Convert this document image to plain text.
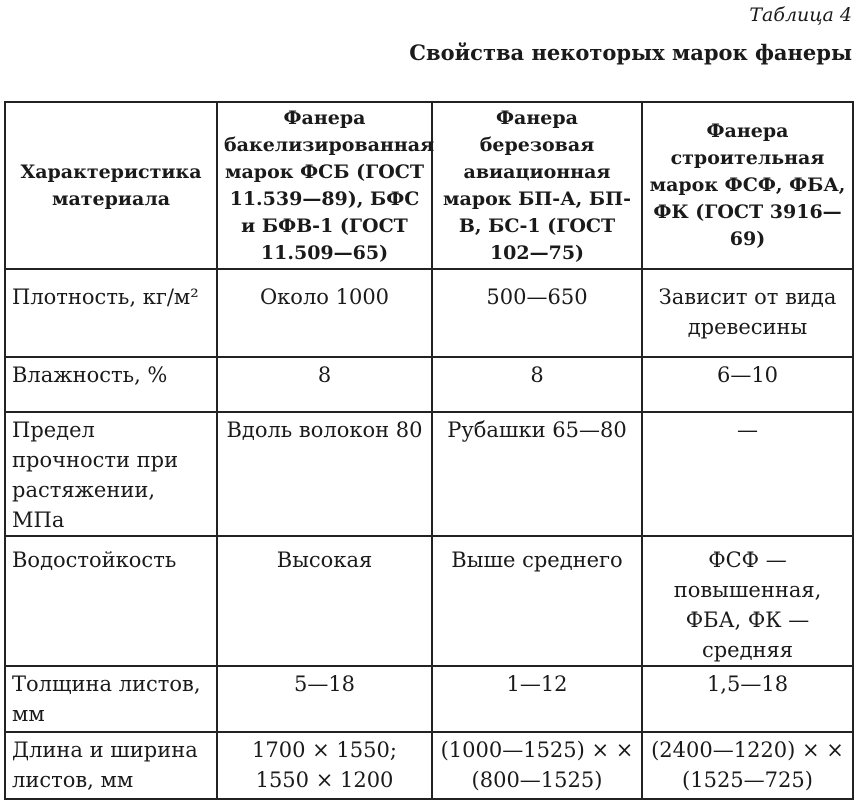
Таблица 4
Свойства некоторых марок фанеры
Характеристика материала	Фанера бакелизированная марок ФСБ (ГОСТ 11.539—89), БФС и БФВ-1 (ГОСТ 11.509—65)	Фанера березовая авиационная марок БП-А, БП-В, БС-1 (ГОСТ 102—75)	Фанера строительная марок ФСФ, ФБА, ФК (ГОСТ 3916—69)

Плотность, кг/м²	Около 1000	500—650	Зависит от вида древесины

Влажность, %	8	8	6—10

Предел прочности при растяжении, МПа	Вдоль волокон 80	Рубашки 65—80	—

Водостойкость	Высокая	Выше среднего	ФСФ — повышенная, ФБА, ФК — средняя

Толщина листов, мм	5—18	1—12	1,5—18

Длина и ширина листов, мм	1700 × 1550; 1550 × 1200	(1000—1525) × × (800—1525)	(2400—1220) × × (1525—725)
